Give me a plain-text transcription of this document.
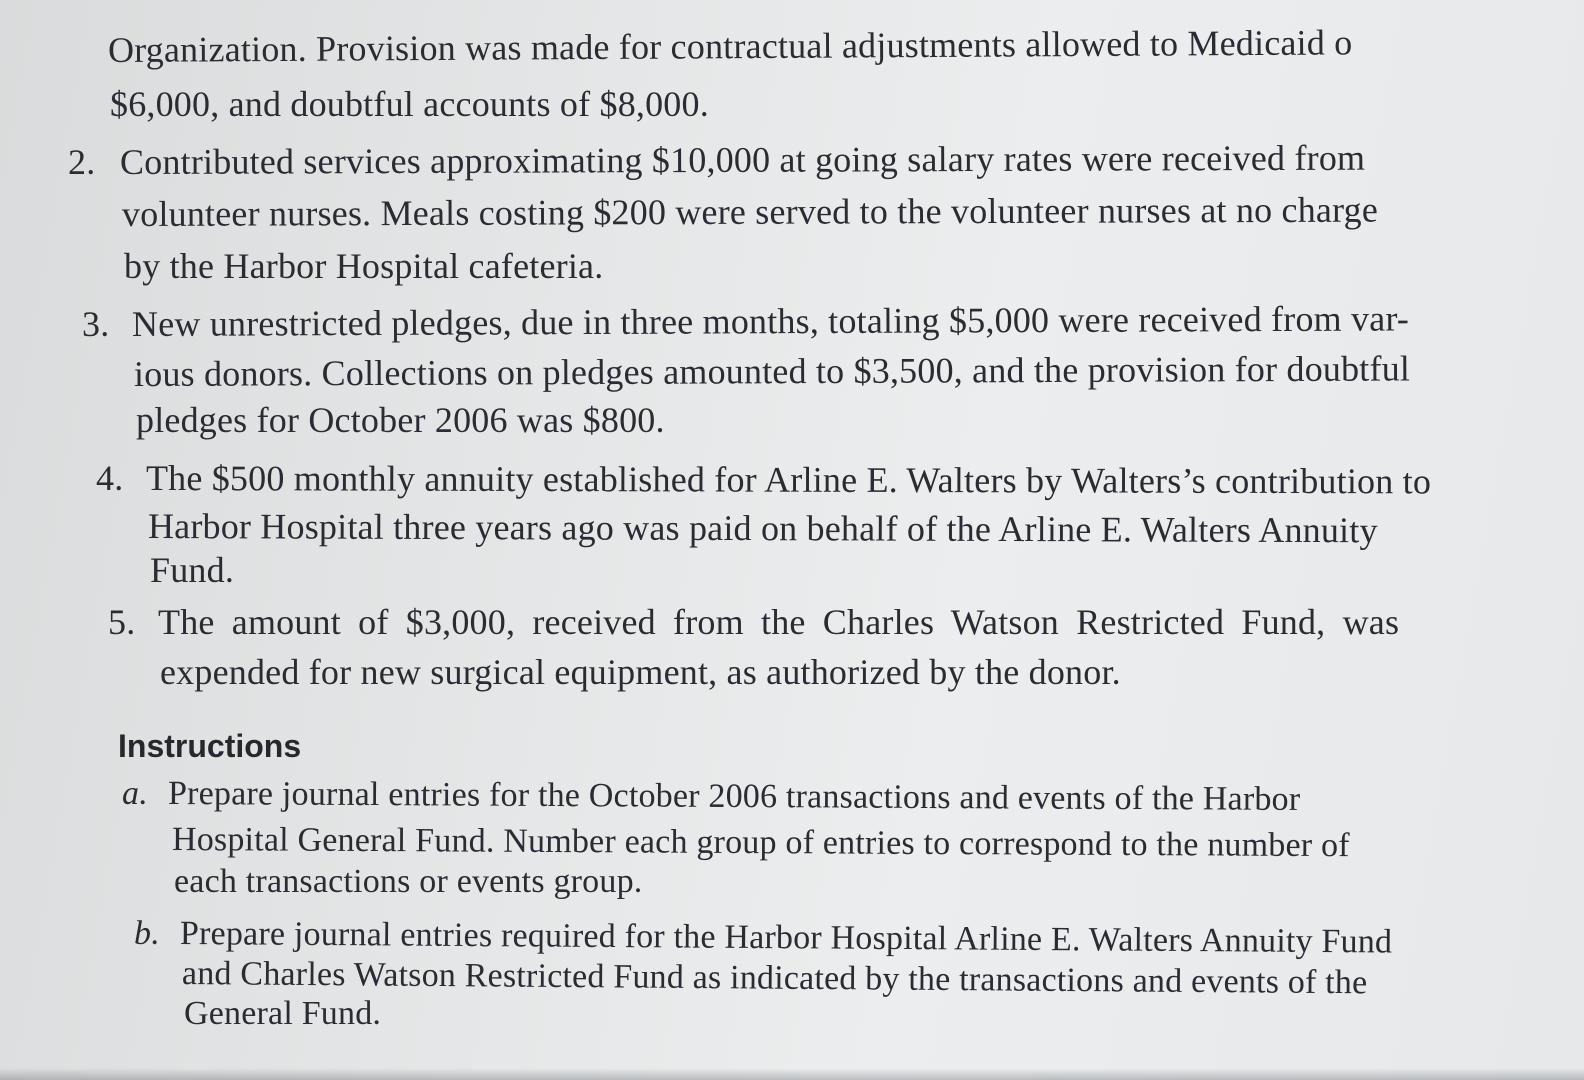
Organization. Provision was made for contractual adjustments allowed to Medicaid o
$6,000, and doubtful accounts of $8,000.
2. Contributed services approximating $10,000 at going salary rates were received from
volunteer nurses. Meals costing $200 were served to the volunteer nurses at no charge
by the Harbor Hospital cafeteria.
3. New unrestricted pledges, due in three months, totaling $5,000 were received from var-
ious donors. Collections on pledges amounted to $3,500, and the provision for doubtful
pledges for October 2006 was $800.
4. The $500 monthly annuity established for Arline E. Walters by Walters’s contribution to
Harbor Hospital three years ago was paid on behalf of the Arline E. Walters Annuity
Fund.
5. The amount of $3,000, received from the Charles Watson Restricted Fund, was
expended for new surgical equipment, as authorized by the donor.
Instructions
a. Prepare journal entries for the October 2006 transactions and events of the Harbor
Hospital General Fund. Number each group of entries to correspond to the number of
each transactions or events group.
b. Prepare journal entries required for the Harbor Hospital Arline E. Walters Annuity Fund
and Charles Watson Restricted Fund as indicated by the transactions and events of the
General Fund.
